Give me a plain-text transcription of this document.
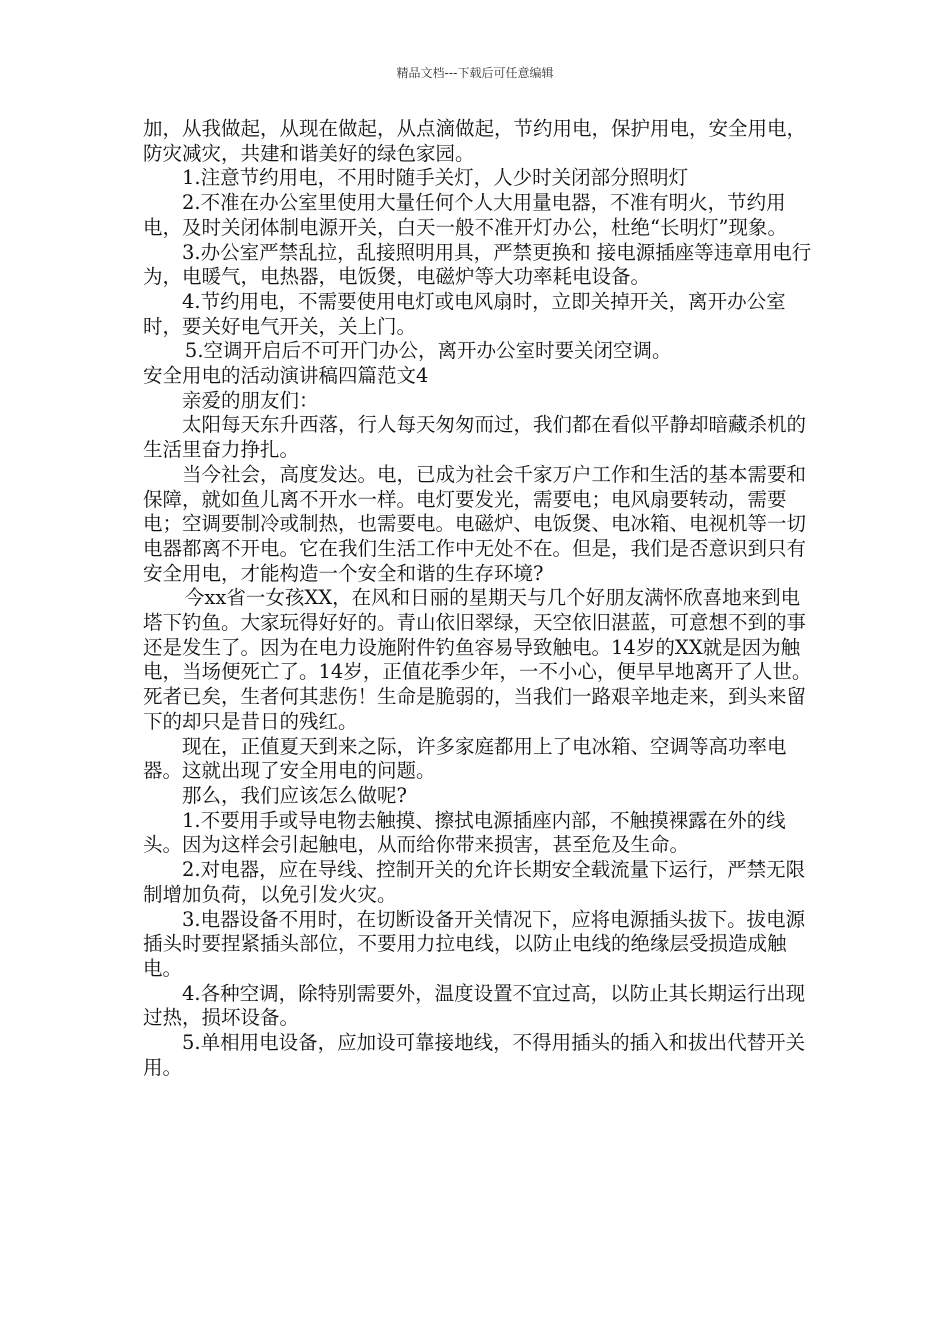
精品文档---下载后可任意编辑

加，从我做起，从现在做起，从点滴做起，节约用电，保护用电，安全用电，防灾减灾，共建和谐美好的绿色家园。

1.注意节约用电，不用时随手关灯，人少时关闭部分照明灯

2.不准在办公室里使用大量任何个人大用量电器，不准有明火，节约用电，及时关闭体制电源开关，白天一般不准开灯办公，杜绝“长明灯”现象。

3.办公室严禁乱拉，乱接照明用具，严禁更换和 接电源插座等违章用电行为，电暖气，电热器，电饭煲，电磁炉等大功率耗电设备。

4.节约用电，不需要使用电灯或电风扇时，立即关掉开关，离开办公室时，要关好电气开关，关上门。

5.空调开启后不可开门办公，离开办公室时要关闭空调。

安全用电的活动演讲稿四篇范文4

亲爱的朋友们：

太阳每天东升西落，行人每天匆匆而过，我们都在看似平静却暗藏杀机的生活里奋力挣扎。

当今社会，高度发达。电，已成为社会千家万户工作和生活的基本需要和保障，就如鱼儿离不开水一样。电灯要发光，需要电；电风扇要转动，需要电；空调要制冷或制热，也需要电。电磁炉、电饭煲、电冰箱、电视机等一切电器都离不开电。它在我们生活工作中无处不在。但是，我们是否意识到只有安全用电，才能构造一个安全和谐的生存环境?

今xx省一女孩XX，在风和日丽的星期天与几个好朋友满怀欣喜地来到电塔下钓鱼。大家玩得好好的。青山依旧翠绿，天空依旧湛蓝，可意想不到的事还是发生了。因为在电力设施附件钓鱼容易导致触电。14岁的XX就是因为触电，当场便死亡了。14岁，正值花季少年，一不小心，便早早地离开了人世。死者已矣，生者何其悲伤！生命是脆弱的，当我们一路艰辛地走来，到头来留下的却只是昔日的残红。

现在，正值夏天到来之际，许多家庭都用上了电冰箱、空调等高功率电器。这就出现了安全用电的问题。

那么，我们应该怎么做呢?

1.不要用手或导电物去触摸、擦拭电源插座内部，不触摸裸露在外的线头。因为这样会引起触电，从而给你带来损害，甚至危及生命。

2.对电器，应在导线、控制开关的允许长期安全载流量下运行，严禁无限制增加负荷，以免引发火灾。

3.电器设备不用时，在切断设备开关情况下，应将电源插头拔下。拔电源插头时要捏紧插头部位，不要用力拉电线，以防止电线的绝缘层受损造成触电。

4.各种空调，除特别需要外，温度设置不宜过高，以防止其长期运行出现过热，损坏设备。

5.单相用电设备，应加设可靠接地线，不得用插头的插入和拔出代替开关用。
